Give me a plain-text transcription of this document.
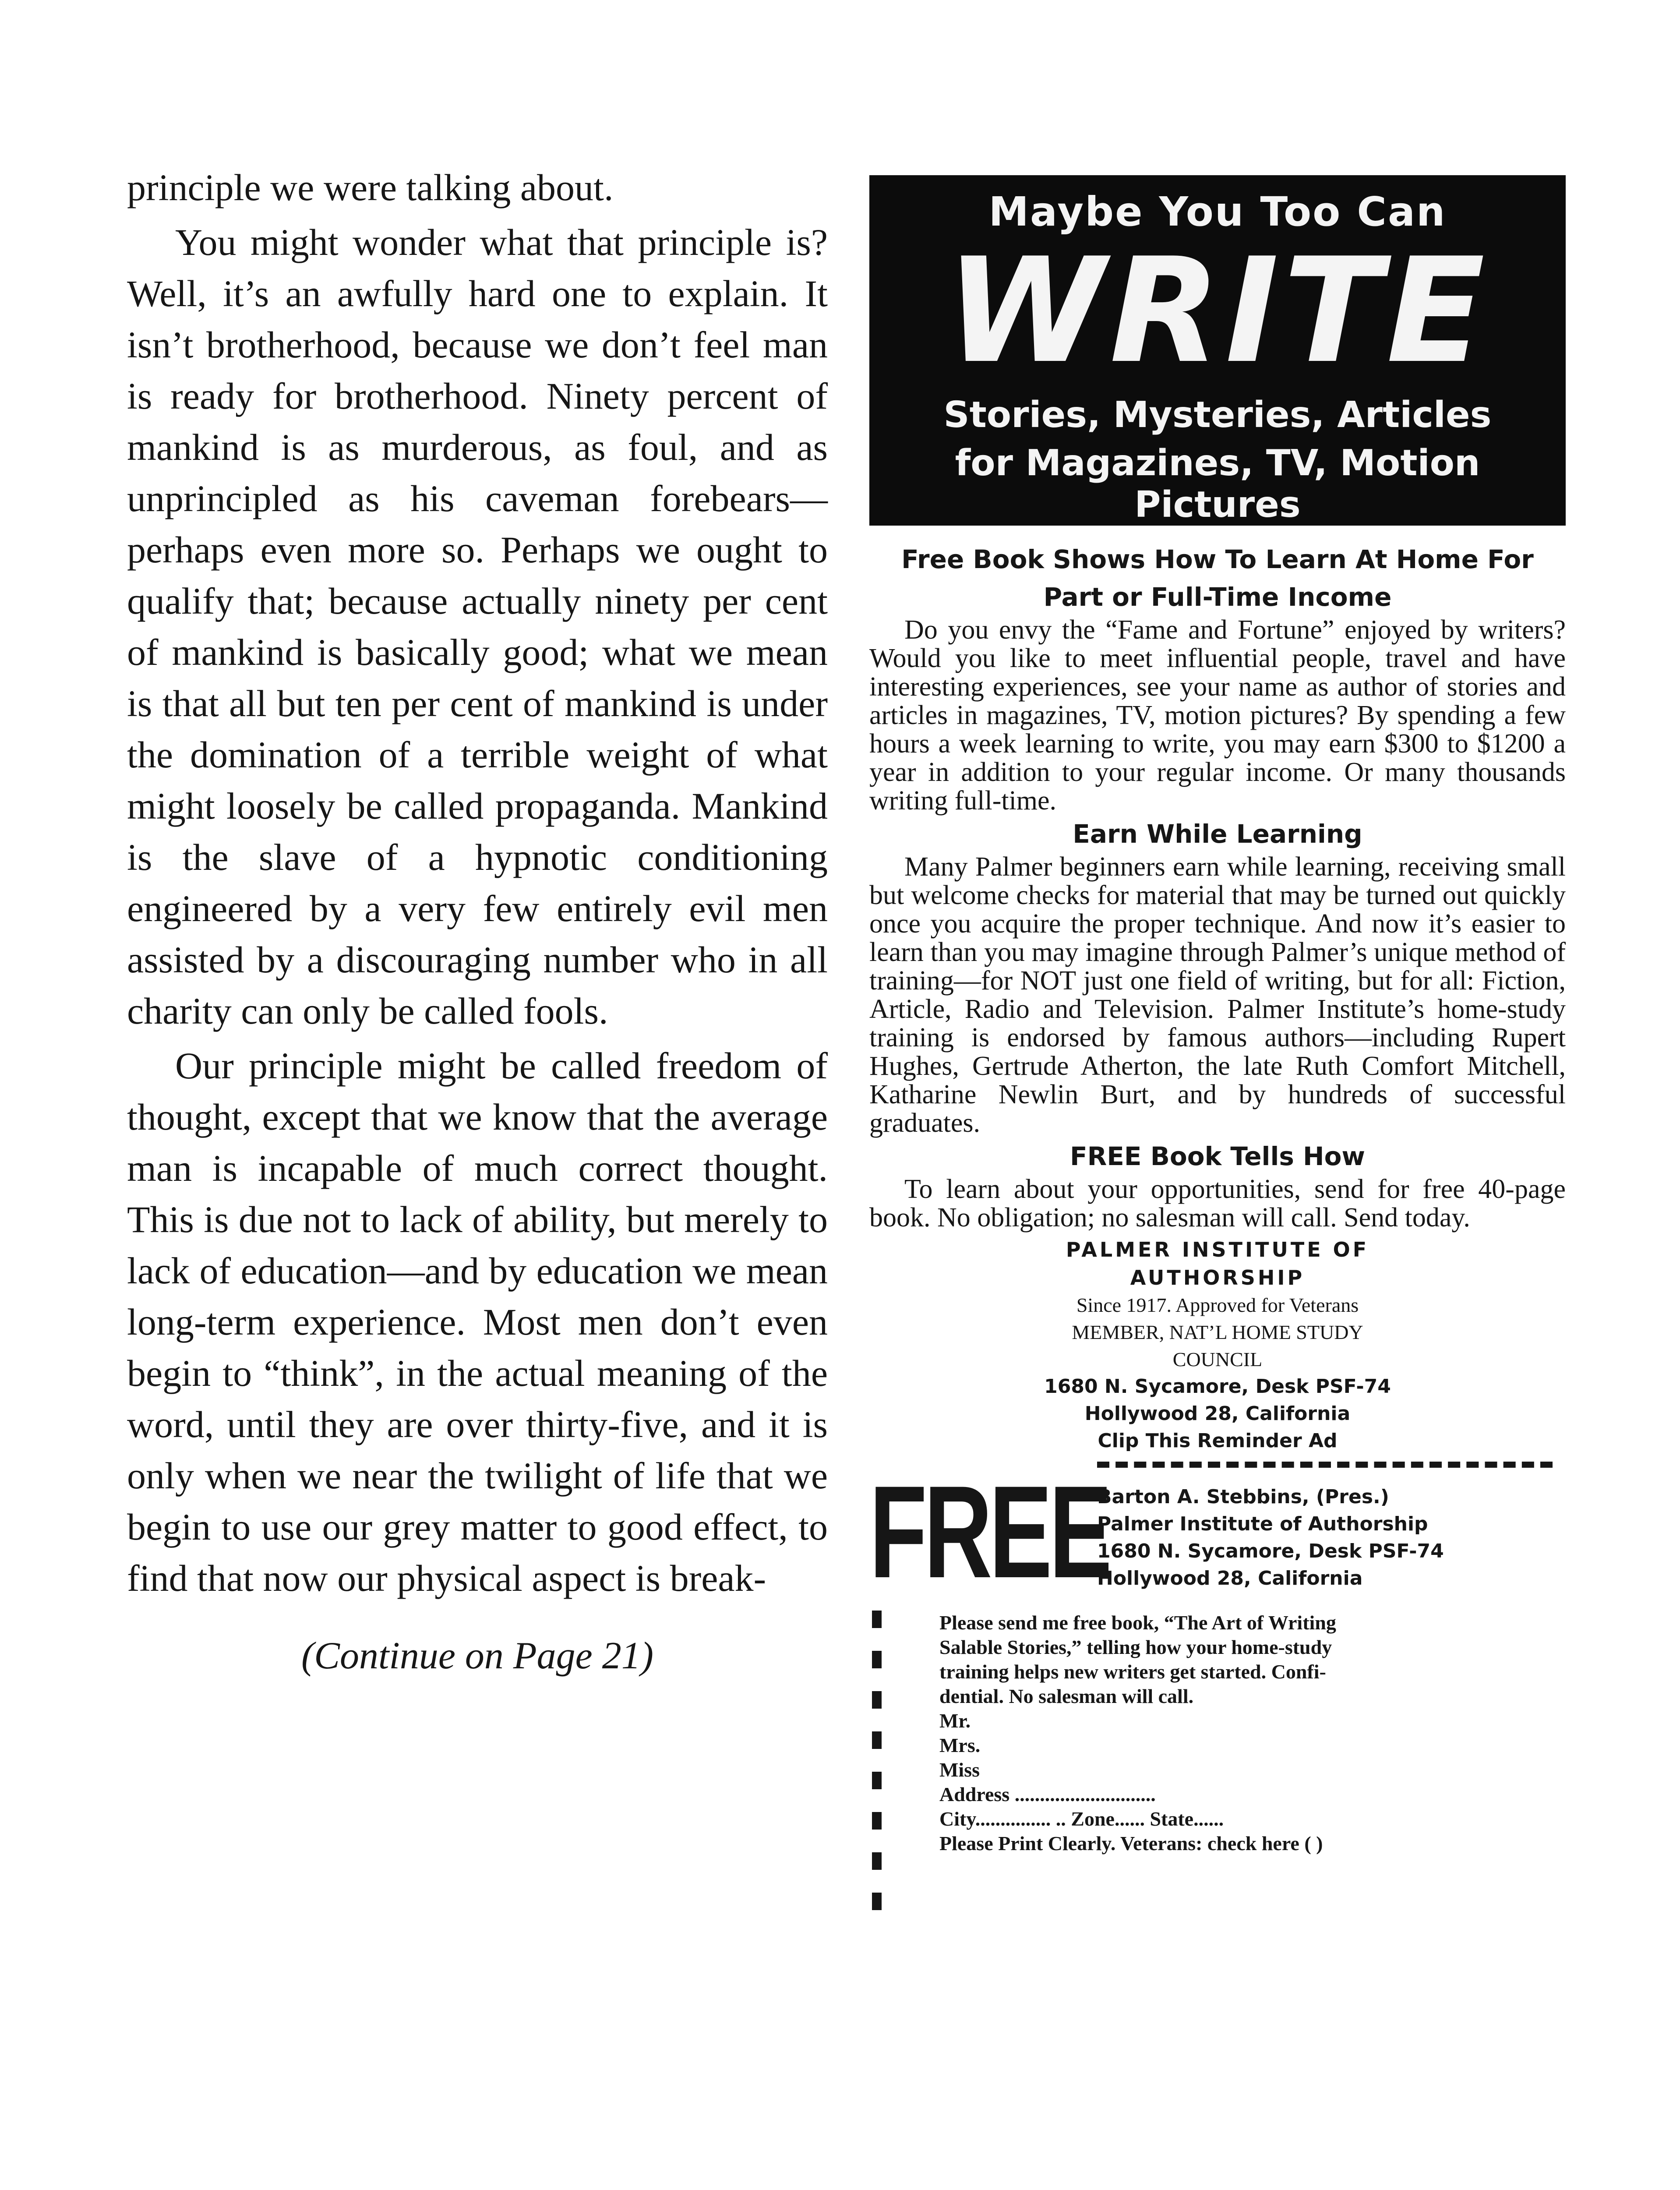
principle we were talking about.

You might wonder what that principle is? Well, it’s an awfully hard one to explain. It isn’t brotherhood, because we don’t feel man is ready for brotherhood. Ninety percent of mankind is as murderous, as foul, and as unprincipled as his caveman forebears—perhaps even more so. Perhaps we ought to qualify that; because actually ninety per cent of mankind is basically good; what we mean is that all but ten per cent of mankind is under the domination of a terrible weight of what might loosely be called propaganda. Mankind is the slave of a hypnotic conditioning engineered by a very few entirely evil men assisted by a discouraging number who in all charity can only be called fools.

Our principle might be called freedom of thought, except that we know that the average man is incapable of much correct thought. This is due not to lack of ability, but merely to lack of education—and by education we mean long-term experience. Most men don’t even begin to “think”, in the actual meaning of the word, until they are over thirty-five, and it is only when we near the twilight of life that we begin to use our grey matter to good effect, to find that now our physical aspect is break-

(Continue on Page 21)

Maybe You Too Can
WRITE
Stories, Mysteries, Articles
for Magazines, TV, Motion Pictures
Free Book Shows How To Learn At Home For Part or Full-Time Income

Do you envy the “Fame and Fortune” enjoyed by writers? Would you like to meet influential people, travel and have interesting experiences, see your name as author of stories and articles in magazines, TV, motion pictures? By spending a few hours a week learning to write, you may earn $300 to $1200 a year in addition to your regular income. Or many thousands writing full-time.

Earn While Learning

Many Palmer beginners earn while learning, receiving small but welcome checks for material that may be turned out quickly once you acquire the proper technique. And now it’s easier to learn than you may imagine through Palmer’s unique method of training—for NOT just one field of writing, but for all: Fiction, Article, Radio and Television. Palmer Institute’s home-study training is endorsed by famous authors—including Rupert Hughes, Gertrude Atherton, the late Ruth Comfort Mitchell, Katharine Newlin Burt, and by hundreds of successful graduates.

FREE Book Tells How

To learn about your opportunities, send for free 40-page book. No obligation; no salesman will call. Send today.

PALMER INSTITUTE OF
AUTHORSHIP
Since 1917. Approved for Veterans
MEMBER, NAT’L HOME STUDY
COUNCIL
1680 N. Sycamore, Desk PSF-74
Hollywood 28, California
Clip This Reminder Ad
FREE
Barton A. Stebbins, (Pres.)
Palmer Institute of Authorship
1680 N. Sycamore, Desk PSF-74
Hollywood 28, California
Please send me free book, “The Art of Writing
Salable Stories,” telling how your home-study
training helps new writers get started. Confi-
dential. No salesman will call.
Mr.
Mrs.
Miss
Address ............................
City............... .. Zone...... State......
Please Print Clearly. Veterans: check here ( )
